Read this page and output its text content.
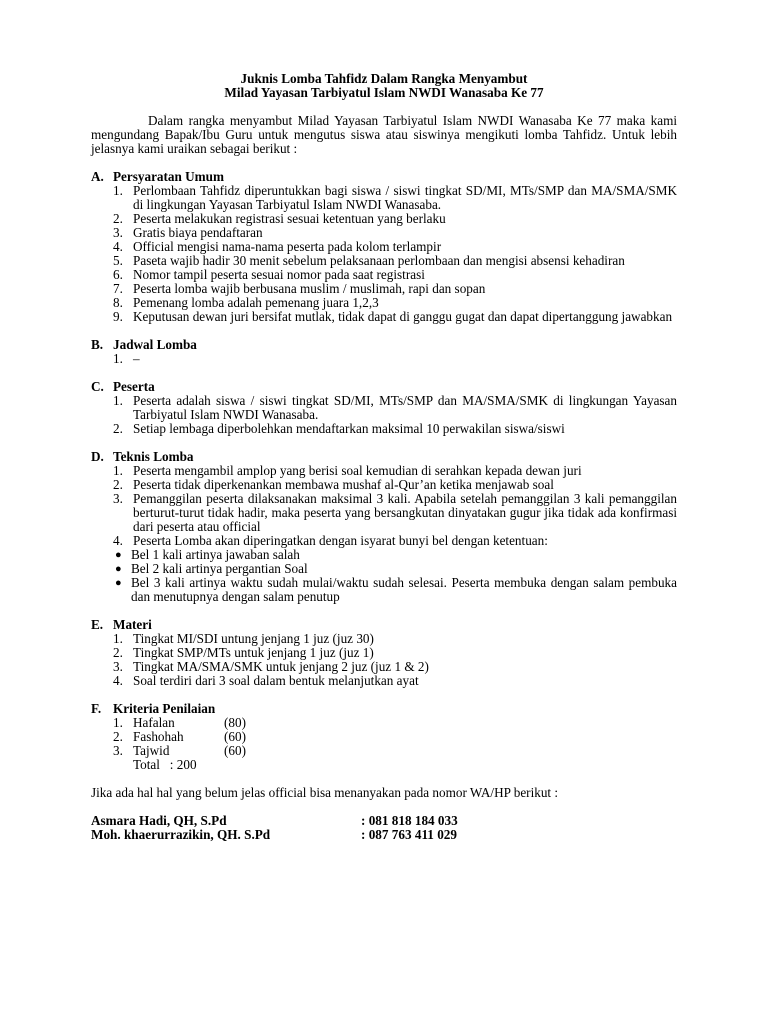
Juknis Lomba Tahfidz Dalam Rangka Menyambut
Milad Yayasan Tarbiyatul Islam NWDI Wanasaba Ke 77
Dalam rangka menyambut Milad Yayasan Tarbiyatul Islam NWDI Wanasaba Ke 77 maka kami mengundang Bapak/Ibu Guru untuk mengutus siswa atau siswinya mengikuti lomba Tahfidz. Untuk lebih jelasnya kami uraikan sebagai berikut :
A. Persyaratan Umum
1. Perlombaan Tahfidz diperuntukkan bagi siswa / siswi tingkat SD/MI, MTs/SMP dan MA/SMA/SMK di lingkungan Yayasan Tarbiyatul Islam NWDI Wanasaba.
2. Peserta melakukan registrasi sesuai ketentuan yang berlaku
3. Gratis biaya pendaftaran
4. Official mengisi nama-nama peserta pada kolom terlampir
5. Paseta wajib hadir 30 menit sebelum pelaksanaan perlombaan dan mengisi absensi kehadiran
6. Nomor tampil peserta sesuai nomor pada saat registrasi
7. Peserta lomba wajib berbusana muslim / muslimah, rapi dan sopan
8. Pemenang lomba adalah pemenang juara 1,2,3
9. Keputusan dewan juri bersifat mutlak, tidak dapat di ganggu gugat dan dapat dipertanggung jawabkan
B. Jadwal Lomba
1. –
C. Peserta
1. Peserta adalah siswa / siswi tingkat SD/MI, MTs/SMP dan MA/SMA/SMK di lingkungan Yayasan Tarbiyatul Islam NWDI Wanasaba.
2. Setiap lembaga diperbolehkan mendaftarkan maksimal 10 perwakilan siswa/siswi
D. Teknis Lomba
1. Peserta mengambil amplop yang berisi soal kemudian di serahkan kepada dewan juri
2. Peserta tidak diperkenankan membawa mushaf al-Qur’an ketika menjawab soal
3. Pemanggilan peserta dilaksanakan maksimal 3 kali. Apabila setelah pemanggilan 3 kali pemanggilan berturut-turut tidak hadir, maka peserta yang bersangkutan dinyatakan gugur jika tidak ada konfirmasi dari peserta atau official
4. Peserta Lomba akan diperingatkan dengan isyarat bunyi bel dengan ketentuan:
● Bel 1 kali artinya jawaban salah
● Bel 2 kali artinya pergantian Soal
● Bel 3 kali artinya waktu sudah mulai/waktu sudah selesai. Peserta membuka dengan salam pembuka dan menutupnya dengan salam penutup
E. Materi
1. Tingkat MI/SDI untung jenjang 1 juz (juz 30)
2. Tingkat SMP/MTs untuk jenjang 1 juz (juz 1)
3. Tingkat MA/SMA/SMK untuk jenjang 2 juz (juz 1 & 2)
4. Soal terdiri dari 3 soal dalam bentuk melanjutkan ayat
F. Kriteria Penilaian
1. Hafalan	(80)
2. Fashohah	(60)
3. Tajwid	(60)
Total   : 200
Jika ada hal hal yang belum jelas official bisa menanyakan pada nomor WA/HP berikut :
Asmara Hadi, QH, S.Pd	: 081 818 184 033
Moh. khaerurrazikin, QH. S.Pd	: 087 763 411 029
